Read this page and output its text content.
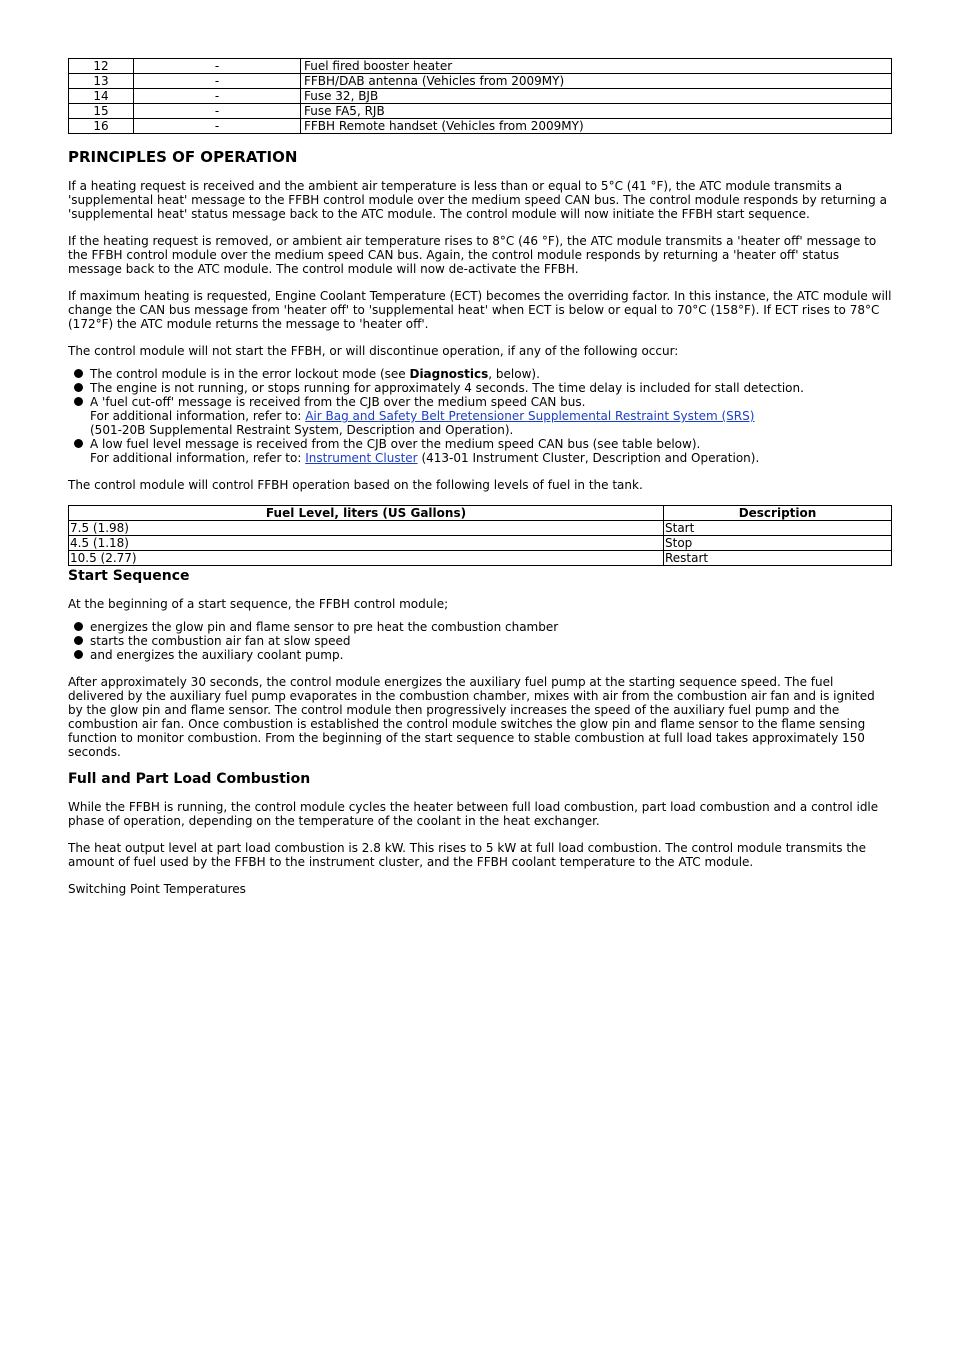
12	-	Fuel fired booster heater
13	-	FFBH/DAB antenna (Vehicles from 2009MY)
14	-	Fuse 32, BJB
15	-	Fuse FA5, RJB
16	-	FFBH Remote handset (Vehicles from 2009MY)
PRINCIPLES OF OPERATION

If a heating request is received and the ambient air temperature is less than or equal to 5°C (41 °F), the ATC module transmits a 'supplemental heat' message to the FFBH control module over the medium speed CAN bus. The control module responds by returning a 'supplemental heat' status message back to the ATC module. The control module will now initiate the FFBH start sequence.

If the heating request is removed, or ambient air temperature rises to 8°C (46 °F), the ATC module transmits a 'heater off' message to the FFBH control module over the medium speed CAN bus. Again, the control module responds by returning a 'heater off' status message back to the ATC module. The control module will now de-activate the FFBH.

If maximum heating is requested, Engine Coolant Temperature (ECT) becomes the overriding factor. In this instance, the ATC module will change the CAN bus message from 'heater off' to 'supplemental heat' when ECT is below or equal to 70°C (158°F). If ECT rises to 78°C (172°F) the ATC module returns the message to 'heater off'.

The control module will not start the FFBH, or will discontinue operation, if any of the following occur:

The control module is in the error lockout mode (see Diagnostics, below).
The engine is not running, or stops running for approximately 4 seconds. The time delay is included for stall detection.
A 'fuel cut-off' message is received from the CJB over the medium speed CAN bus.
For additional information, refer to: Air Bag and Safety Belt Pretensioner Supplemental Restraint System (SRS)
(501-20B Supplemental Restraint System, Description and Operation).
A low fuel level message is received from the CJB over the medium speed CAN bus (see table below).
For additional information, refer to: Instrument Cluster (413-01 Instrument Cluster, Description and Operation).

The control module will control FFBH operation based on the following levels of fuel in the tank.

Fuel Level, liters (US Gallons)	Description
7.5 (1.98)	Start
4.5 (1.18)	Stop
10.5 (2.77)	Restart
Start Sequence

At the beginning of a start sequence, the FFBH control module;

energizes the glow pin and flame sensor to pre heat the combustion chamber
starts the combustion air fan at slow speed
and energizes the auxiliary coolant pump.

After approximately 30 seconds, the control module energizes the auxiliary fuel pump at the starting sequence speed. The fuel delivered by the auxiliary fuel pump evaporates in the combustion chamber, mixes with air from the combustion air fan and is ignited by the glow pin and flame sensor. The control module then progressively increases the speed of the auxiliary fuel pump and the combustion air fan. Once combustion is established the control module switches the glow pin and flame sensor to the flame sensing function to monitor combustion. From the beginning of the start sequence to stable combustion at full load takes approximately 150 seconds.

Full and Part Load Combustion

While the FFBH is running, the control module cycles the heater between full load combustion, part load combustion and a control idle phase of operation, depending on the temperature of the coolant in the heat exchanger.

The heat output level at part load combustion is 2.8 kW. This rises to 5 kW at full load combustion. The control module transmits the amount of fuel used by the FFBH to the instrument cluster, and the FFBH coolant temperature to the ATC module.

Switching Point Temperatures
